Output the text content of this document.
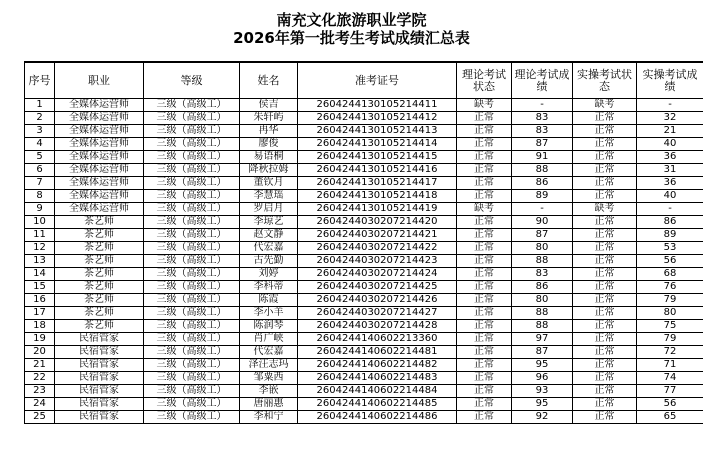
南充文化旅游职业学院
2026年第一批考生考试成绩汇总表
序号	职业	等级	姓名	准考证号	理论考试状态	理论考试成绩	实操考试状态	实操考试成绩
1	全媒体运营师	三级（高级工）	侯吉	260424413010521441​1	缺考	-	缺考	-
2	全媒体运营师	三级（高级工）	朱轩屿	2604244130105214412	正常	83	正常	32
3	全媒体运营师	三级（高级工）	冉华	2604244130105214413	正常	83	正常	21
4	全媒体运营师	三级（高级工）	廖俊	2604244130105214414	正常	87	正常	40
5	全媒体运营师	三级（高级工）	易语桐	2604244130105214415	正常	91	正常	36
6	全媒体运营师	三级（高级工）	降秋拉姆	2604244130105214416	正常	88	正常	31
7	全媒体运营师	三级（高级工）	董钦月	2604244130105214417	正常	86	正常	36
8	全媒体运营师	三级（高级工）	李慧瑶	2604244130105214418	正常	89	正常	40
9	全媒体运营师	三级（高级工）	罗启月	2604244130105214419	缺考	-	缺考	-
10	茶艺师	三级（高级工）	李琼艺	2604244030207214420	正常	90	正常	86
11	茶艺师	三级（高级工）	赵文静	2604244030207214421	正常	87	正常	89
12	茶艺师	三级（高级工）	代宏嘉	2604244030207214422	正常	80	正常	53
13	茶艺师	三级（高级工）	古先勤	2604244030207214423	正常	88	正常	56
14	茶艺师	三级（高级工）	刘婷	2604244030207214424	正常	83	正常	68
15	茶艺师	三级（高级工）	李科蒂	2604244030207214425	正常	86	正常	76
16	茶艺师	三级（高级工）	陈霞	2604244030207214426	正常	80	正常	79
17	茶艺师	三级（高级工）	李小羊	2604244030207214427	正常	88	正常	80
18	茶艺师	三级（高级工）	陈润琴	2604244030207214428	正常	88	正常	75
19	民宿管家	三级（高级工）	肖广峡	2604244140602213360	正常	97	正常	79
20	民宿管家	三级（高级工）	代宏嘉	2604244140602214481	正常	87	正常	72
21	民宿管家	三级（高级工）	泽汪志玛	2604244140602214482	正常	95	正常	71
22	民宿管家	三级（高级工）	邹粟西	2604244140602214483	正常	96	正常	74
23	民宿管家	三级（高级工）	李嵌	2604244140602214484	正常	93	正常	77
24	民宿管家	三级（高级工）	唐丽惠	2604244140602214485	正常	95	正常	56
25	民宿管家	三级（高级工）	李和宁	2604244140602214486	正常	92	正常	65
